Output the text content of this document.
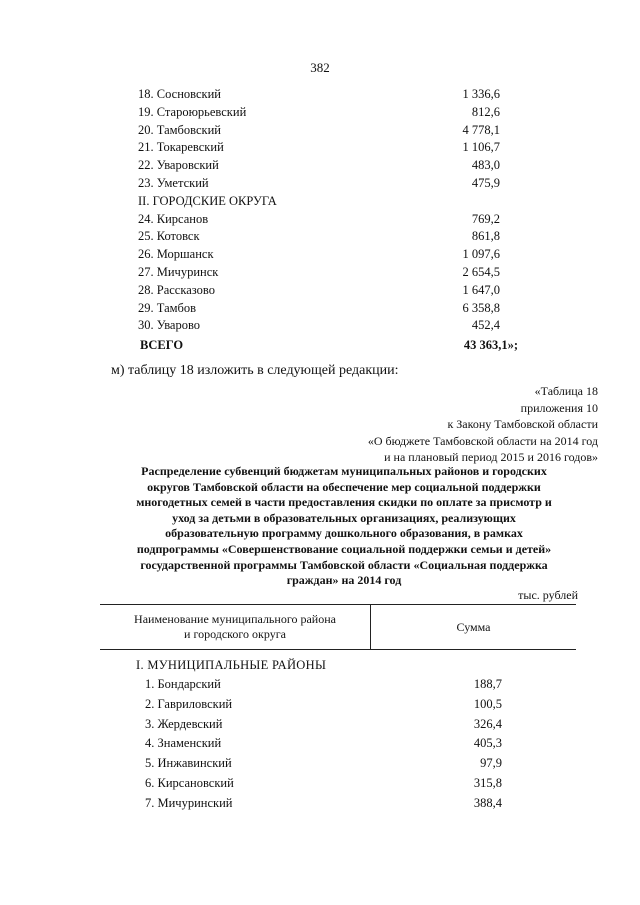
382
18. Сосновский	1 336,6
19. Староюрьевский	812,6
20. Тамбовский	4 778,1
21. Токаревский	1 106,7
22. Уваровский	483,0
23. Уметский	475,9
II. ГОРОДСКИЕ ОКРУГА
24. Кирсанов	769,2
25. Котовск	861,8
26. Моршанск	1 097,6
27. Мичуринск	2 654,5
28. Рассказово	1 647,0
29. Тамбов	6 358,8
30. Уварово	452,4
ВСЕГО	43 363,1»;
м) таблицу 18 изложить в следующей редакции:
«Таблица 18
приложения 10
к Закону Тамбовской области
«О бюджете Тамбовской области на 2014 год
и на плановый период 2015 и 2016 годов»
Распределение субвенций бюджетам муниципальных районов и городских
округов Тамбовской области на обеспечение мер социальной поддержки
многодетных семей в части предоставления скидки по оплате за присмотр и
уход за детьми в образовательных организациях, реализующих
образовательную программу дошкольного образования, в рамках
подпрограммы «Совершенствование социальной поддержки семьи и детей»
государственной программы Тамбовской области «Социальная поддержка
граждан» на 2014 год
тыс. рублей
Наименование муниципального района
и городского округа
Сумма
I. МУНИЦИПАЛЬНЫЕ РАЙОНЫ
1. Бондарский	188,7
2. Гавриловский	100,5
3. Жердевский	326,4
4. Знаменский	405,3
5. Инжавинский	97,9
6. Кирсановский	315,8
7. Мичуринский	388,4
